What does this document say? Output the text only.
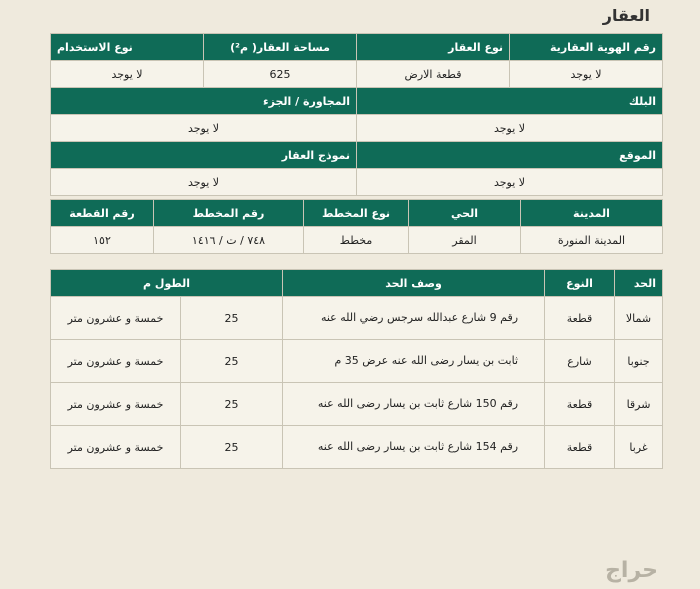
العقار
رقم الهوية العقارية	نوع العقار	مساحة العقار( م²)	نوع الاستخدام
لا يوجد	قطعة الارض	625	لا يوجد
البلك		المجاورة / الجزء	
لا يوجد		لا يوجد	
الموقع		نموذج العقار	
لا يوجد		لا يوجد	
المدينة	الحي	نوع المخطط	رقم المخطط	رقم القطعة
المدينة المنورة	المقر	مخطط	٧٤٨ / ت / ١٤١٦	١٥٢
الحد	النوع	وصف الحد	الطول م	
شمالا	قطعة	رقم 9 شارع عبدالله سرجس رضي الله عنه	25	خمسة و عشرون متر
جنوبا	شارع	ثابت بن يسار رضى الله عنه عرض 35 م	25	خمسة و عشرون متر
شرقا	قطعة	رقم 150 شارع ثابت بن يسار رضى الله عنه	25	خمسة و عشرون متر
غربا	قطعة	رقم 154 شارع ثابت بن يسار رضى الله عنه	25	خمسة و عشرون متر
حراج
